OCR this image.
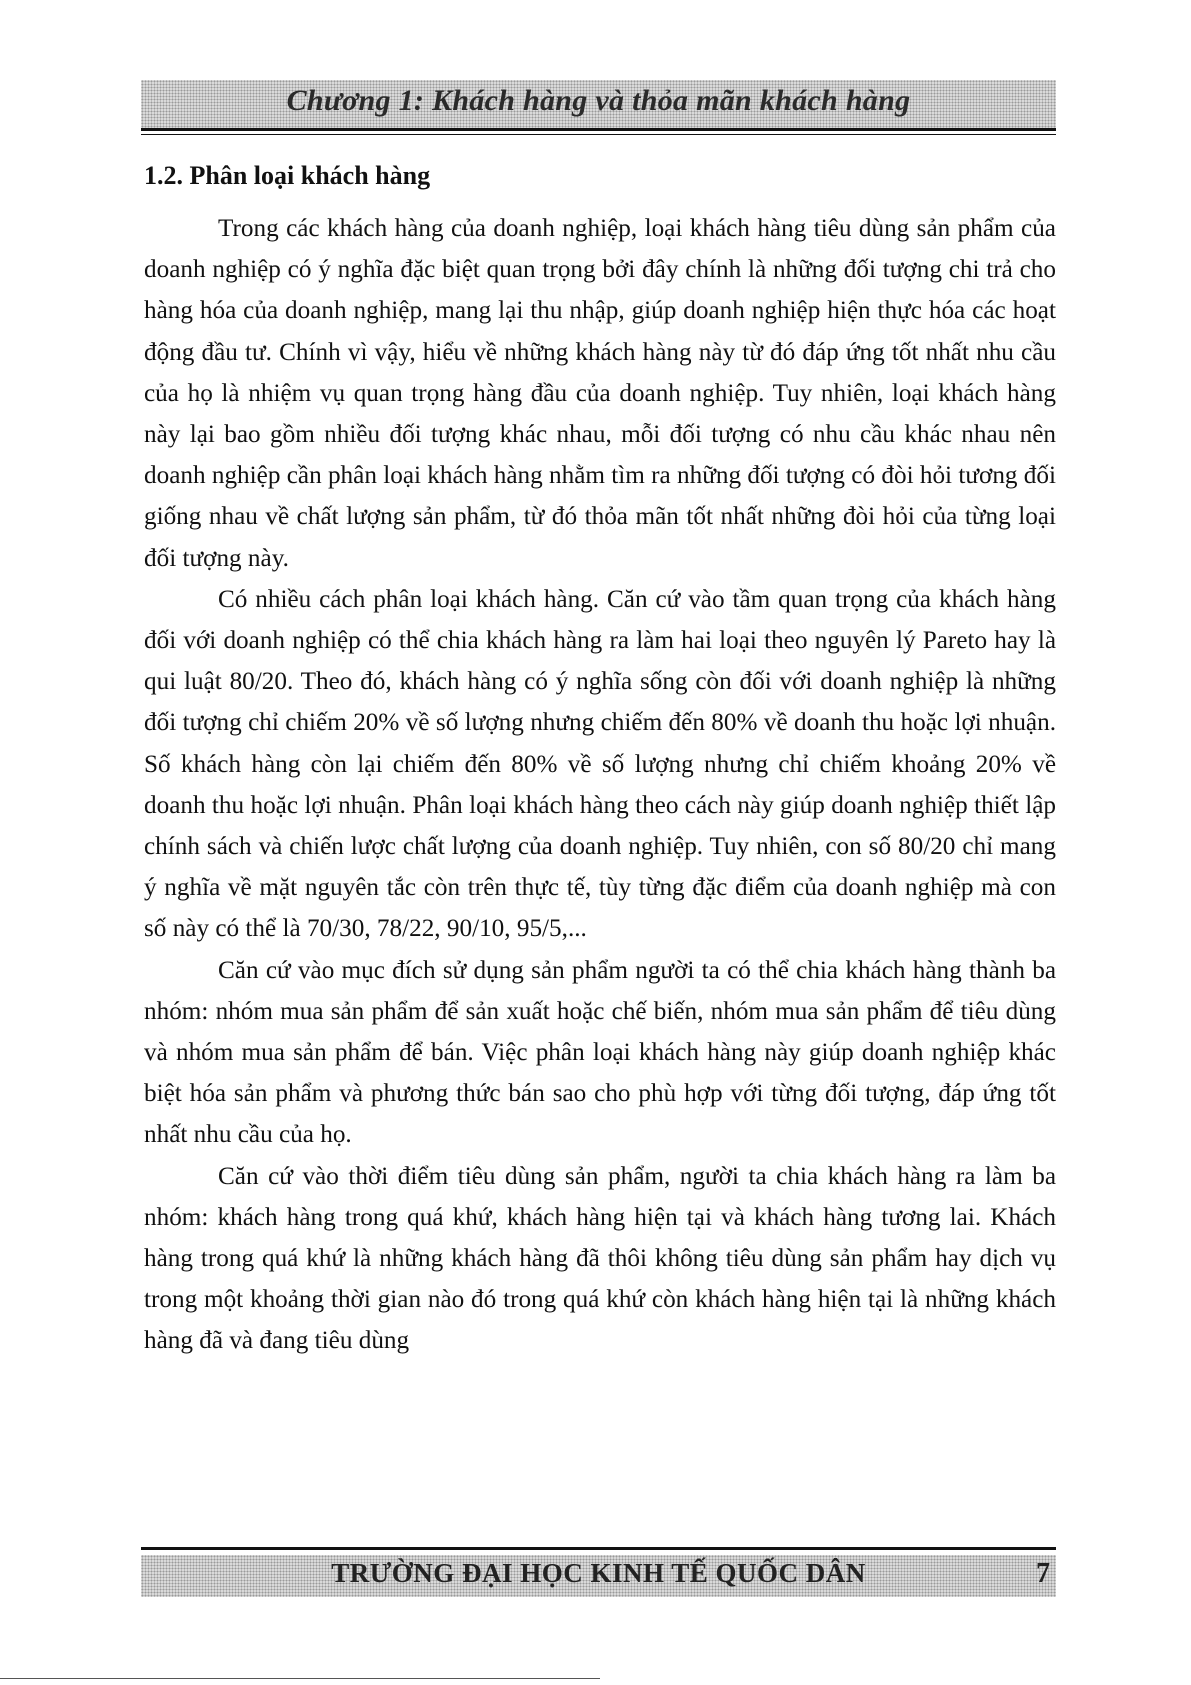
Chương 1: Khách hàng và thỏa mãn khách hàng
1.2. Phân loại khách hàng

Trong các khách hàng của doanh nghiệp, loại khách hàng tiêu dùng sản phẩm của doanh nghiệp có ý nghĩa đặc biệt quan trọng bởi đây chính là những đối tượng chi trả cho hàng hóa của doanh nghiệp, mang lại thu nhập, giúp doanh nghiệp hiện thực hóa các hoạt động đầu tư. Chính vì vậy, hiểu về những khách hàng này từ đó đáp ứng tốt nhất nhu cầu của họ là nhiệm vụ quan trọng hàng đầu của doanh nghiệp. Tuy nhiên, loại khách hàng này lại bao gồm nhiều đối tượng khác nhau, mỗi đối tượng có nhu cầu khác nhau nên doanh nghiệp cần phân loại khách hàng nhằm tìm ra những đối tượng có đòi hỏi tương đối giống nhau về chất lượng sản phẩm, từ đó thỏa mãn tốt nhất những đòi hỏi của từng loại đối tượng này.

Có nhiều cách phân loại khách hàng. Căn cứ vào tầm quan trọng của khách hàng đối với doanh nghiệp có thể chia khách hàng ra làm hai loại theo nguyên lý Pareto hay là qui luật 80/20. Theo đó, khách hàng có ý nghĩa sống còn đối với doanh nghiệp là những đối tượng chỉ chiếm 20% về số lượng nhưng chiếm đến 80% về doanh thu hoặc lợi nhuận. Số khách hàng còn lại chiếm đến 80% về số lượng nhưng chỉ chiếm khoảng 20% về doanh thu hoặc lợi nhuận. Phân loại khách hàng theo cách này giúp doanh nghiệp thiết lập chính sách và chiến lược chất lượng của doanh nghiệp. Tuy nhiên, con số 80/20 chỉ mang ý nghĩa về mặt nguyên tắc còn trên thực tế, tùy từng đặc điểm của doanh nghiệp mà con số này có thể là 70/30, 78/22, 90/10, 95/5,...

Căn cứ vào mục đích sử dụng sản phẩm người ta có thể chia khách hàng thành ba nhóm: nhóm mua sản phẩm để sản xuất hoặc chế biến, nhóm mua sản phẩm để tiêu dùng và nhóm mua sản phẩm để bán. Việc phân loại khách hàng này giúp doanh nghiệp khác biệt hóa sản phẩm và phương thức bán sao cho phù hợp với từng đối tượng, đáp ứng tốt nhất nhu cầu của họ.

Căn cứ vào thời điểm tiêu dùng sản phẩm, người ta chia khách hàng ra làm ba nhóm: khách hàng trong quá khứ, khách hàng hiện tại và khách hàng tương lai. Khách hàng trong quá khứ là những khách hàng đã thôi không tiêu dùng sản phẩm hay dịch vụ trong một khoảng thời gian nào đó trong quá khứ còn khách hàng hiện tại là những khách hàng đã và đang tiêu dùng

TRƯỜNG ĐẠI HỌC KINH TẾ QUỐC DÂN	7
